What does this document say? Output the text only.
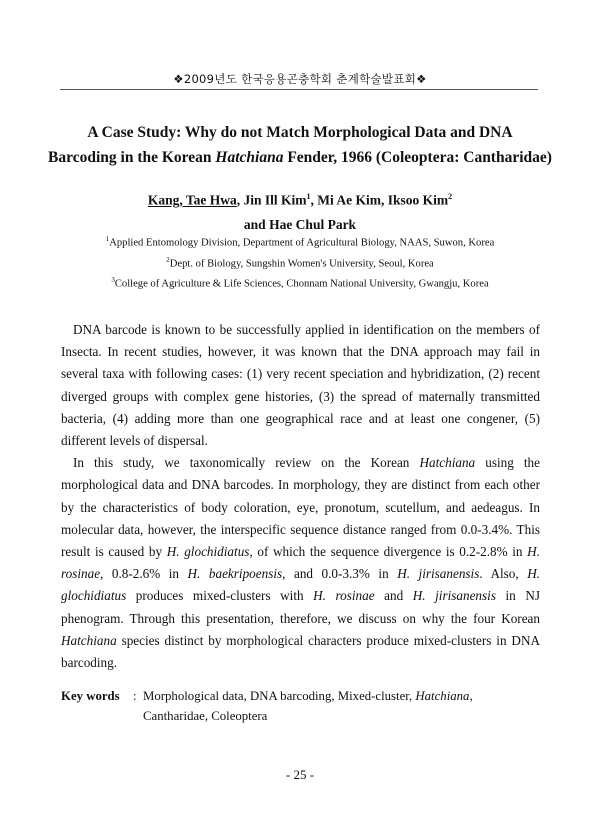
❖2009년도 한국응용곤충학회 춘계학술발표회❖
A Case Study: Why do not Match Morphological Data and DNA
Barcoding in the Korean Hatchiana Fender, 1966 (Coleoptera: Cantharidae)
Kang, Tae Hwa, Jin Ill Kim$^1$, Mi Ae Kim, Iksoo Kim$^2$
and Hae Chul Park
$^1$Applied Entomology Division, Department of Agricultural Biology, NAAS, Suwon, Korea
$^2$Dept. of Biology, Sungshin Women's University, Seoul, Korea
$^3$College of Agriculture & Life Sciences, Chonnam National University, Gwangju, Korea

DNA barcode is known to be successfully applied in identification on the members of Insecta. In recent studies, however, it was known that the DNA approach may fail in several taxa with following cases: (1) very recent speciation and hybridization, (2) recent diverged groups with complex gene histories, (3) the spread of maternally transmitted bacteria, (4) adding more than one geographical race and at least one congener, (5) different levels of dispersal.

In this study, we taxonomically review on the Korean Hatchiana using the morphological data and DNA barcodes. In morphology, they are distinct from each other by the characteristics of body coloration, eye, pronotum, scutellum, and aedeagus. In molecular data, however, the interspecific sequence distance ranged from 0.0-3.4%. This result is caused by H. glochidiatus, of which the sequence divergence is 0.2-2.8% in H. rosinae, 0.8-2.6% in H. baekripoensis, and 0.0-3.3% in H. jirisanensis. Also, H. glochidiatus produces mixed-clusters with H. rosinae and H. jirisanensis in NJ phenogram. Through this presentation, therefore, we discuss on why the four Korean Hatchiana species distinct by morphological characters produce mixed-clusters in DNA barcoding.

Key words	: Morphological data, DNA barcoding, Mixed-cluster, Hatchiana, Cantharidae, Coleoptera
- 25 -
